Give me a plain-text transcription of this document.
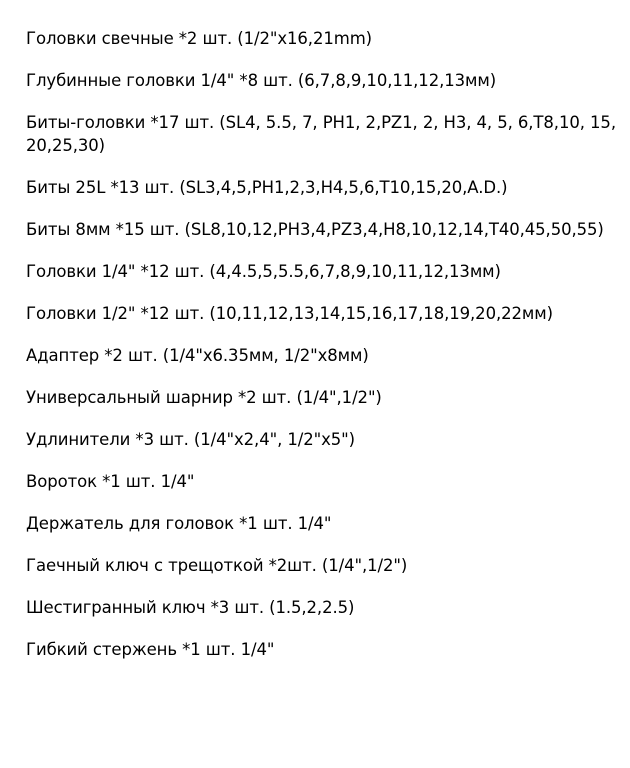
Головки свечные *2 шт. (1/2"x16,21mm)
Глубинные головки 1/4" *8 шт. (6,7,8,9,10,11,12,13мм)
Биты-головки *17 шт. (SL4, 5.5, 7, PH1, 2,PZ1, 2, H3, 4, 5, 6,T8,10, 15, 20,25,30)
Биты 25L *13 шт. (SL3,4,5,PH1,2,3,H4,5,6,T10,15,20,A.D.)
Биты 8мм *15 шт. (SL8,10,12,PH3,4,PZ3,4,H8,10,12,14,T40,45,50,55)
Головки 1/4" *12 шт. (4,4.5,5,5.5,6,7,8,9,10,11,12,13мм)
Головки 1/2" *12 шт. (10,11,12,13,14,15,16,17,18,19,20,22мм)
Адаптер *2 шт. (1/4"x6.35мм, 1/2"x8мм)
Универсальный шарнир *2 шт. (1/4",1/2")
Удлинители *3 шт. (1/4"x2,4", 1/2"x5")
Вороток *1 шт. 1/4"
Держатель для головок *1 шт. 1/4"
Гаечный ключ с трещоткой *2шт. (1/4",1/2")
Шестигранный ключ *3 шт. (1.5,2,2.5)
Гибкий стержень *1 шт. 1/4"
